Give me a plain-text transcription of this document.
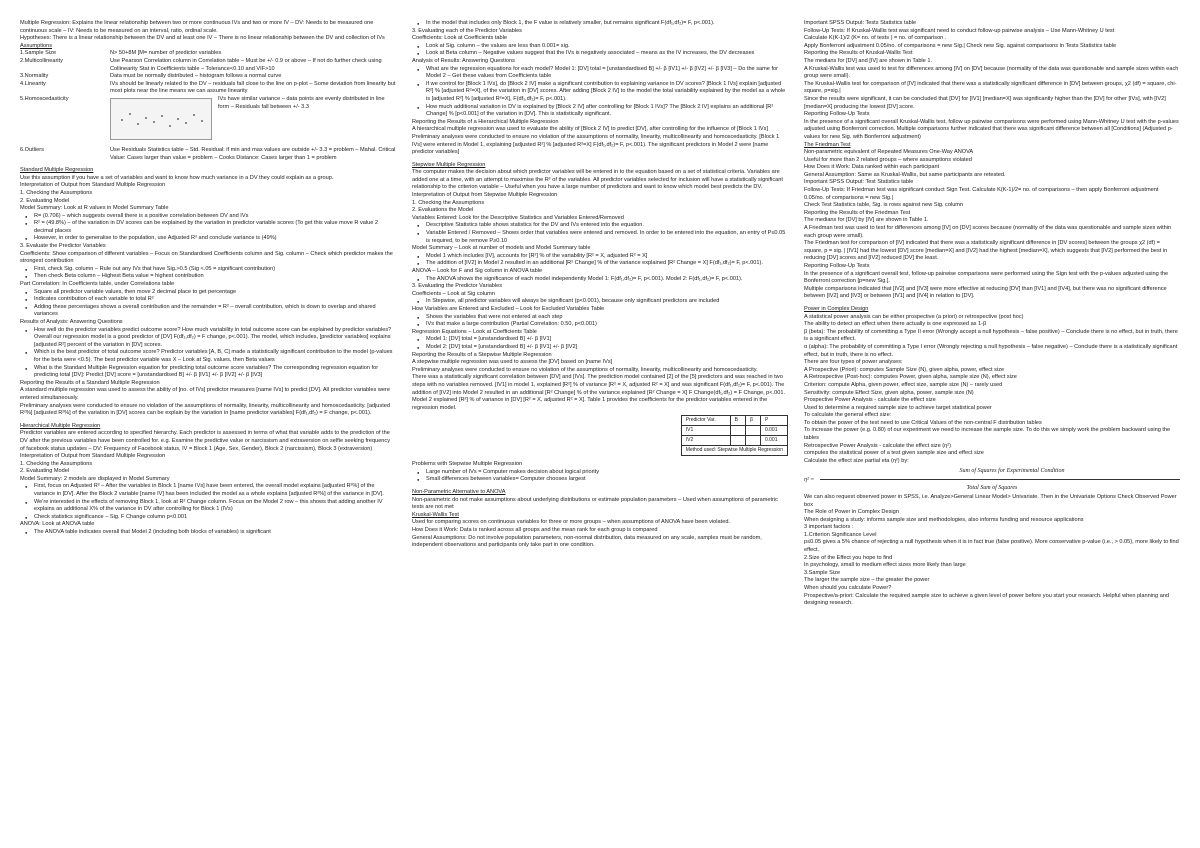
Multiple Regression: Explains the linear relationship between two or more continuous IVs and two or more IV – DV: Needs to be measured one continuous scale – IV: Needs to be measured on an interval, ratio, ordinal scale.

Hypotheses: There is a linear relationship between the DV and at least one IV – There is no linear relationship between the DV and collection of IVs

Assumptions

1.Sample Size	N> 50+8M [M= number of predictor variables
2.Multicollinearity	Use Pearson Correlation column in Correlation table – Must be +/- 0.9 or above – If not do further check using Collinearity Stat in Coefficients table – Tolerance<0.10 and VIF>10
3.Normality	Data must be normally distributed – histogram follows a normal curve
4.Linearity	IVs should be linearly related to the DV – residuals fall close to the line on p-plot – Some deviation from linearity but most plots near the line means we can assume linearity
5.Homoscedasticity	IVs have similar variance – data points are evenly distributed in line form – Residuals fall between +/- 3.3
6.Outliers	Use Residuals Statistics table – Std. Residual: if min and max values are outside +/- 3.3 = problem – Mahal. Critical Value: Cases larger than value = problem – Cooks Distance: Cases larger than 1 = problem

Standard Multiple Regression

Use this assumption if you have a set of variables and want to know how much variance in a DV they could explain as a group.
Interpretation of Output from Standard Multiple Regression
1. Checking the Assumptions
2. Evaluating Model
Model Summary: Look at R values in Model Summary Table
● R= (0.706) – which suggests overall there is a positive correlation between DV and IVs
● R² = (49.8%) – of the variation in DV scores can be explained by the variation in predictor variable scores (To get this value move R value 2 decimal places
● However, in order to generalise to the population, use Adjusted R² and conclude variance is (49%)
3. Evaluate the Predictor Variables
Coefficients: Show comparison of different variables – Focus on Standardised Coefficients column and Sig. column – Check which predictor makes the strongest contribution
● First, check Sig. column – Rule out any IVs that have Sig.>0.5 (Sig <.05 = significant contribution)
● Then check Beta column – Highest Beta value = highest contribution
Part Correlation: In Coefficients table, under Correlations table
● Square all predictor variable values, then move 2 decimal place to get percentage
● Indicates contribution of each variable to total R²
● Adding these percentages shows a overall contribution and the remainder = R² – overall contribution, which is down to overlap and shared variances
Results of Analysis: Answering Questions
● How well do the predictor variables predict outcome score? How much variability in total outcome score can be explained by predictor variables? Overall our regression model is a good predictor of [DV] F(df₁,df₂) = F change, p<.001). The model, which includes, [predictor variables] explains [adjusted R²] percent of the variation in [DV] scores.
● Which is the best predictor of total outcome score? Predictor variables [A, B, C] made a statistically significant contribution to the model (p-values for the beta were <0.5). The best predictor variable was X – Look at Sig. values, then Beta values
● What is the Standard Multiple Regression equation for predicting total outcome score variables? The corresponding regression equation for predicting total [DV]: Predict [DV] score = [unstandardised B] +/- β [IV1] +/- β [IV2] +/- β [IV3]
Reporting the Results of a Standard Multiple Regression
A standard multiple regression was used to assess the ability of [no. of IVs] predictor measures [name IVs] to predict [DV]. All predictor variables were entered simultaneously.
Preliminary analyses were conducted to ensure no violation of the assumptions of normality, linearity, multicollinearity and homoscedasticity. [adjusted R²%] [adjusted R²%] of the variation in [DV] scores can be explain by the variation in [name predictor variables] F(df₁,df₂) = F change, p<.001).

Hierarchical Multiple Regression

Predictor variables are entered according to specified hierarchy. Each predictor is assessed in terms of what that variable adds to the prediction of the DV after the previous variables have been controlled for. e.g. Examine the predictive value or narcissism and extraversion on selfie seeking frequency of facebook status updates – DV: Frequency of Facebook status, IV = Block 1 (Age, Sex, Gender), Block 2 (narcissism), Block 3 (extraversion)
Interpretation of Output from Standard Multiple Regression
1. Checking the Assumptions
2. Evaluating Model
Model Summary: 2 models are displayed in Model Summary
● First, focus on Adjusted R² – After the variables in Block 1 [name IVs] have been entered, the overall model explains [adjusted R²%] of the variance in [DV]. After the Block 2 variable [name IV] has been included the model as a whole explains [adjusted R²%] of the variance in [DV].
● We're interested in the effects of removing Block 1, look at R² Change column. Focus on the Model 2 row – this shows that adding another IV explains an additional X% of the variance in DV after controlling for Block 1 (IVs)
● Check statistics significance – Sig. F Change column p<0.001
ANOVA: Look at ANOVA table
● The ANOVA table indicates overall that Model 2 (including both blocks of variables) is significant
● In the model that includes only Block 1, the F value is relatively smaller, but remains significant F(df₁,df₂)= F, p<.001).
3. Evaluating each of the Predictor Variables
Coefficients: Look at Coefficients table
● Look at Sig. column – the values are less than 0.001= sig.
● Look at Beta column – Negative values suggest that the IVs is negatively associated – means as the IV increases, the DV decreases
Analysis of Results: Answering Questions
● What are the regression equations for each model? Model 1: [DV] total = [unstandardised B] +/- β [IV1] +/- β [IV2] +/- β [IV3] – Do the same for Model 2 – Get these values from Coefficients table
● If we control for [Block 1 IVs], do [Block 2 IV] make a significant contribution to explaining variance in DV scores? [Block 1 IVs] explain [adjusted R²] % [adjusted R²=X], of the variation in [DV] scores. After adding [Block 2 IV] to the model the total variability explained by the model as a whole is [adjusted R²] % [adjusted R²=X], F(df₁,df₂)= F, p<.001).
● How much additional variation in DV is explained by [Block 2 IV] after controlling for [Block 1 IVs]? The [Block 2 IV] explains an additional [R² Change] % [p<0.001] of the variation in [DV]. This is statistically significant.
Reporting the Results of a Hierarchical Multiple Regression
A hierarchical multiple regression was used to evaluate the ability of [Block 2 IV] to predict [DV], after controlling for the influence of [Block 1 IVs]
Preliminary analyses were conducted to ensure no violation of the assumptions of normality, linearity, multicollinearity and homoscedasticity. [Block 1 IVs] were entered in Model 1, explaining [adjusted R²] % [adjusted R²=X] F(df₁,df₂)= F, p<.001). The significant predictors in Model 2 were [name predictor variables]

Stepwise Multiple Regression

The computer makes the decision about which predictor variables will be entered in to the equation based on a set of statistical criteria. Variables are added one at a time, with an attempt to maximise the R² of the variables. All predictor variables selected for inclusion will have a statistically significant relationship to the criterion variable – Useful when you have a large number of predictors and want to know which model best predicts the DV.
Interpretation of Output from Stepwise Multiple Regression
1. Checking the Assumptions
2. Evaluations the Model
Variables Entered: Look for the Descriptive Statistics and Variables Entered/Removed
● Descriptive Statistics table shows statistics for the DV and IVs entered into the equation.
● Variable Entered / Removed – Shows order that variables were entered and removed. In order to be entered into the equation, an entry of P≤0.05 is required, to be remove P≥0.10
Model Summary – Look at number of models and Model Summary table
● Model 1 which includes [IV], accounts for [R²] % of the variability [R² = X, adjusted R² = X]
● The addition of [IV2] in Model 2 resulted in an additional [R² Change] % of the variance explained [R² Change = X] F(df₁,df₂)= F, p<.001).
ANOVA – Look for F and Sig column in ANOVA table
● The ANOVA shows the significance of each model independently Model 1: F(df₁,df₂)= F, p<.001). Model 2: F(df₁,df₂)= F, p<.001).
3. Evaluating the Predictor Variables
Coefficients – Look at Sig column
● In Stepwise, all predictor variables will always be significant (p<0.001), because only significant predictors are included
How Variables are Entered and Excluded – Look for Excluded Variables Table
● Shows the variables that were not entered at each step
● IVs that make a large contribution (Partial Correlation: 0.50, p<0.001)
Regression Equations – Look at Coefficients Table
● Model 1: [DV] total = [unstandardised B] +/- β [IV1]
● Model 2: [DV] total = [unstandardised B] +/- β [IV1] +/- β [IV2]
Reporting the Results of a Stepwise Multiple Regression
A stepwise multiple regression was used to assess the [DV] based on [name IVs]
Preliminary analyses were conducted to ensure no violation of the assumptions of normality, linearity, multicollinearity and homoscedasticity.
There was a statistically significant correlation between [DV] and [IVs]. The prediction model contained [2] of the [5] predictors and was reached in two steps with no variables removed. [IV1] in model 1, explained [R²] % of variance [R² = X, adjusted R² = X] and was significant F(df₁,df₂)= F, p<.001). The addition of [IV2] into Model 2 resulted in an additional [R² Change] % of the variance explained [R² Change = X] F Change(df₁,df₂) = F Change, p<.001. Model 2 explained [R²] % of variance in [DV] [R² = X, adjusted R² = X]. Table 1 provides the coefficients for the predictor variables entered in the regression model.
Predictor Var.	B	β	P
IV1			0.001
IV2			0.001
Method used: Stepwise Multiple Regression			
Problems with Stepwise Multiple Regression
● Large number of IVs = Computer makes decision about logical priority
● Small differences between variables= Computer chooses largest

Non-Parametric Alternative to ANOVA

Non-parametric do not make assumptions about underlying distributions or estimate population parameters – Used when assumptions of parametric tests are not met

Kruskal-Wallis Test

Used for comparing scores on continuous variables for three or more groups – when assumptions of ANOVA have been violated.
How Does it Work: Data is ranked across all groups and the mean rank for each group is compared
General Assumptions: Do not involve population parameters, non-normal distribution, data measured on any scale, samples must be random, independent observations and participants only take part in one condition.
Important SPSS Output: Tests Statistics table
Follow-Up Tests: If Kruskal-Wallis test was significant need to conduct follow-up pairwise analysis – Use Mann-Whitney U test
Calculate K(K-1)/2 (K= no. of tests ) = no. of comparison .
Apply Bonferroni adjustment 0.05/no. of comparisons = new Sig.| Check new Sig. against comparisons in Tests Statistics table
Reporting the Results of Kruskal-Wallis Test
The medians for [DV] and [IV] are shown in Table 1.
A Kruskal-Wallis test was used to test for differences among [IV] on [DV] because (normality of the data was questionable and sample sizes within each group were small).
The Kruskal-Wallis test for comparison of [IV] indicated that there was a statistically significant difference in [DV] between groups, χ2 (df) = square, chi-square, p=sig.|
Since the results were significant, it can be concluded that [DV] for [IV1] [median=X] was significantly higher than the [DV] for other [IVs], with [IV2] [median=X] producing the lowest [DV] score.
Reporting Follow-Up Tests
In the presence of a significant overall Kruskal-Wallis test, follow up pairwise comparisons were performed using Mann-Whitney U test with the p-values adjusted using Bonferroni correction. Multiple comparisons further indicated that there was significant difference between all [Conditions] (Adjusted p-values for new Sig. with Bonferroni adjustment)

The Friedman Test

Non-parametric equivalent of Repeated Measures One-Way ANOVA
Useful for more than 2 related groups – where assumptions violated
How Does it Work: Data ranked within each participant
General Assumption: Same as Kruskal-Wallis, but same participants are retested.
Important SPSS Output: Test Statistics table
Follow-Up Tests: If Friedman test was significant conduct Sign Test. Calculate K(K-1)/2= no. of comparisons – then apply Bonferroni adjustment 0.05/no. of comparisons = new Sig.|
Check Test Statistics table, Sig. is rows against new Sig. column
Reporting the Results of the Friedman Test
The medians for [DV] by [IV] are shown in Table 1.
A Friedman test was used to test for differences among [IV] on [DV] scores because (normality of the data was questionable and sample sizes within each group were small).
The Friedman test for comparison of [IV] indicated that there was a statistically significant difference in [DV scores] between the groups χ2 (df) = square, p = sig. | [IV1] had the lowest [DV] score [median=X] and [IV2] had the highest [median=X], which suggests that [IV2] performed the best in reducing [DV] scores and [IV2] reduced [DV] the least.
Reporting Follow-Up Tests
In the presence of a significant overall test, follow-up pairwise comparisons were performed using the Sign test with the p-values adjusted using the Bonferroni correction [p=new Sig.].
Multiple comparisons indicated that [IV2] and [IV3] were more effective at reducing [DV] than [IV1] and [IV4], but there was no significant difference between [IV2] and [IV3] or between [IV1] and [IV4] in relation to [DV].

Power in Complex Design

A statistical power analysis can be either prospective (a priori) or retrospective (post hoc)
The ability to detect an effect when there actually is one expressed as 1-β
β (beta): The probability of committing a Type II error (Wrongly accept a null hypothesis – false positive) – Conclude there is no effect, but in truth, there is a significant effect.
α (alpha): The probability of committing a Type I error (Wrongly rejecting a null hypothesis – false negative) – Conclude there is a statistically significant effect, but in truth, there is no effect.
There are four types of power analyses:
A Prospective (Priori): computes Sample Size (N), given alpha, power, effect size
A Retrospective (Post-hoc): computes Power, given alpha, sample size (N), effect size
Criterion: compute Alpha, given power, effect size, sample size (N) – rarely used
Sensitivity: compute Effect Size, given alpha, power, sample size (N)
Prospective Power Analysis - calculate the effect size
Used to determine a required sample size to achieve target statistical power
To calculate the general effect size:
To obtain the power of the test need to use Critical Values of the non-central F distribution tables
To increase the power (e.g. 0.80) of our experiment we need to increase the sample size. To do this we simply work the problem backward using the tables
Retrospective Power Analysis - calculate the effect size (η²)
computes the statistical power of a test given sample size and effect size
Calculate the effect size partial eta (η²) by:
Sum of Squares for Experimental Condition
η² =
Total Sum of Squares
We can also request observed power in SPSS, i.e. Analyze>General Linear Model> Univariate. Then in the Univariate Options Check Observed Power box
The Role of Power in Complex Design
When designing a study: informs sample size and methodologies, also informs funding and resource applications
3 important factors :
1.Criterion Significance Level
p≤0.05 gives a 5% chance of rejecting a null hypothesis when it is in fact true (false positive). More conservative p-value (i.e., > 0.05), more likely to find effect.
2.Size of the Effect you hope to find
In psychology, small to medium effect sizes more likely than large
3.Sample Size
The larger the sample size – the greater the power
When should you calculate Power?
Prospective/a-priori: Calculate the required sample size to achieve a given level of power before you start your research. Helpful when planning and designing research.
